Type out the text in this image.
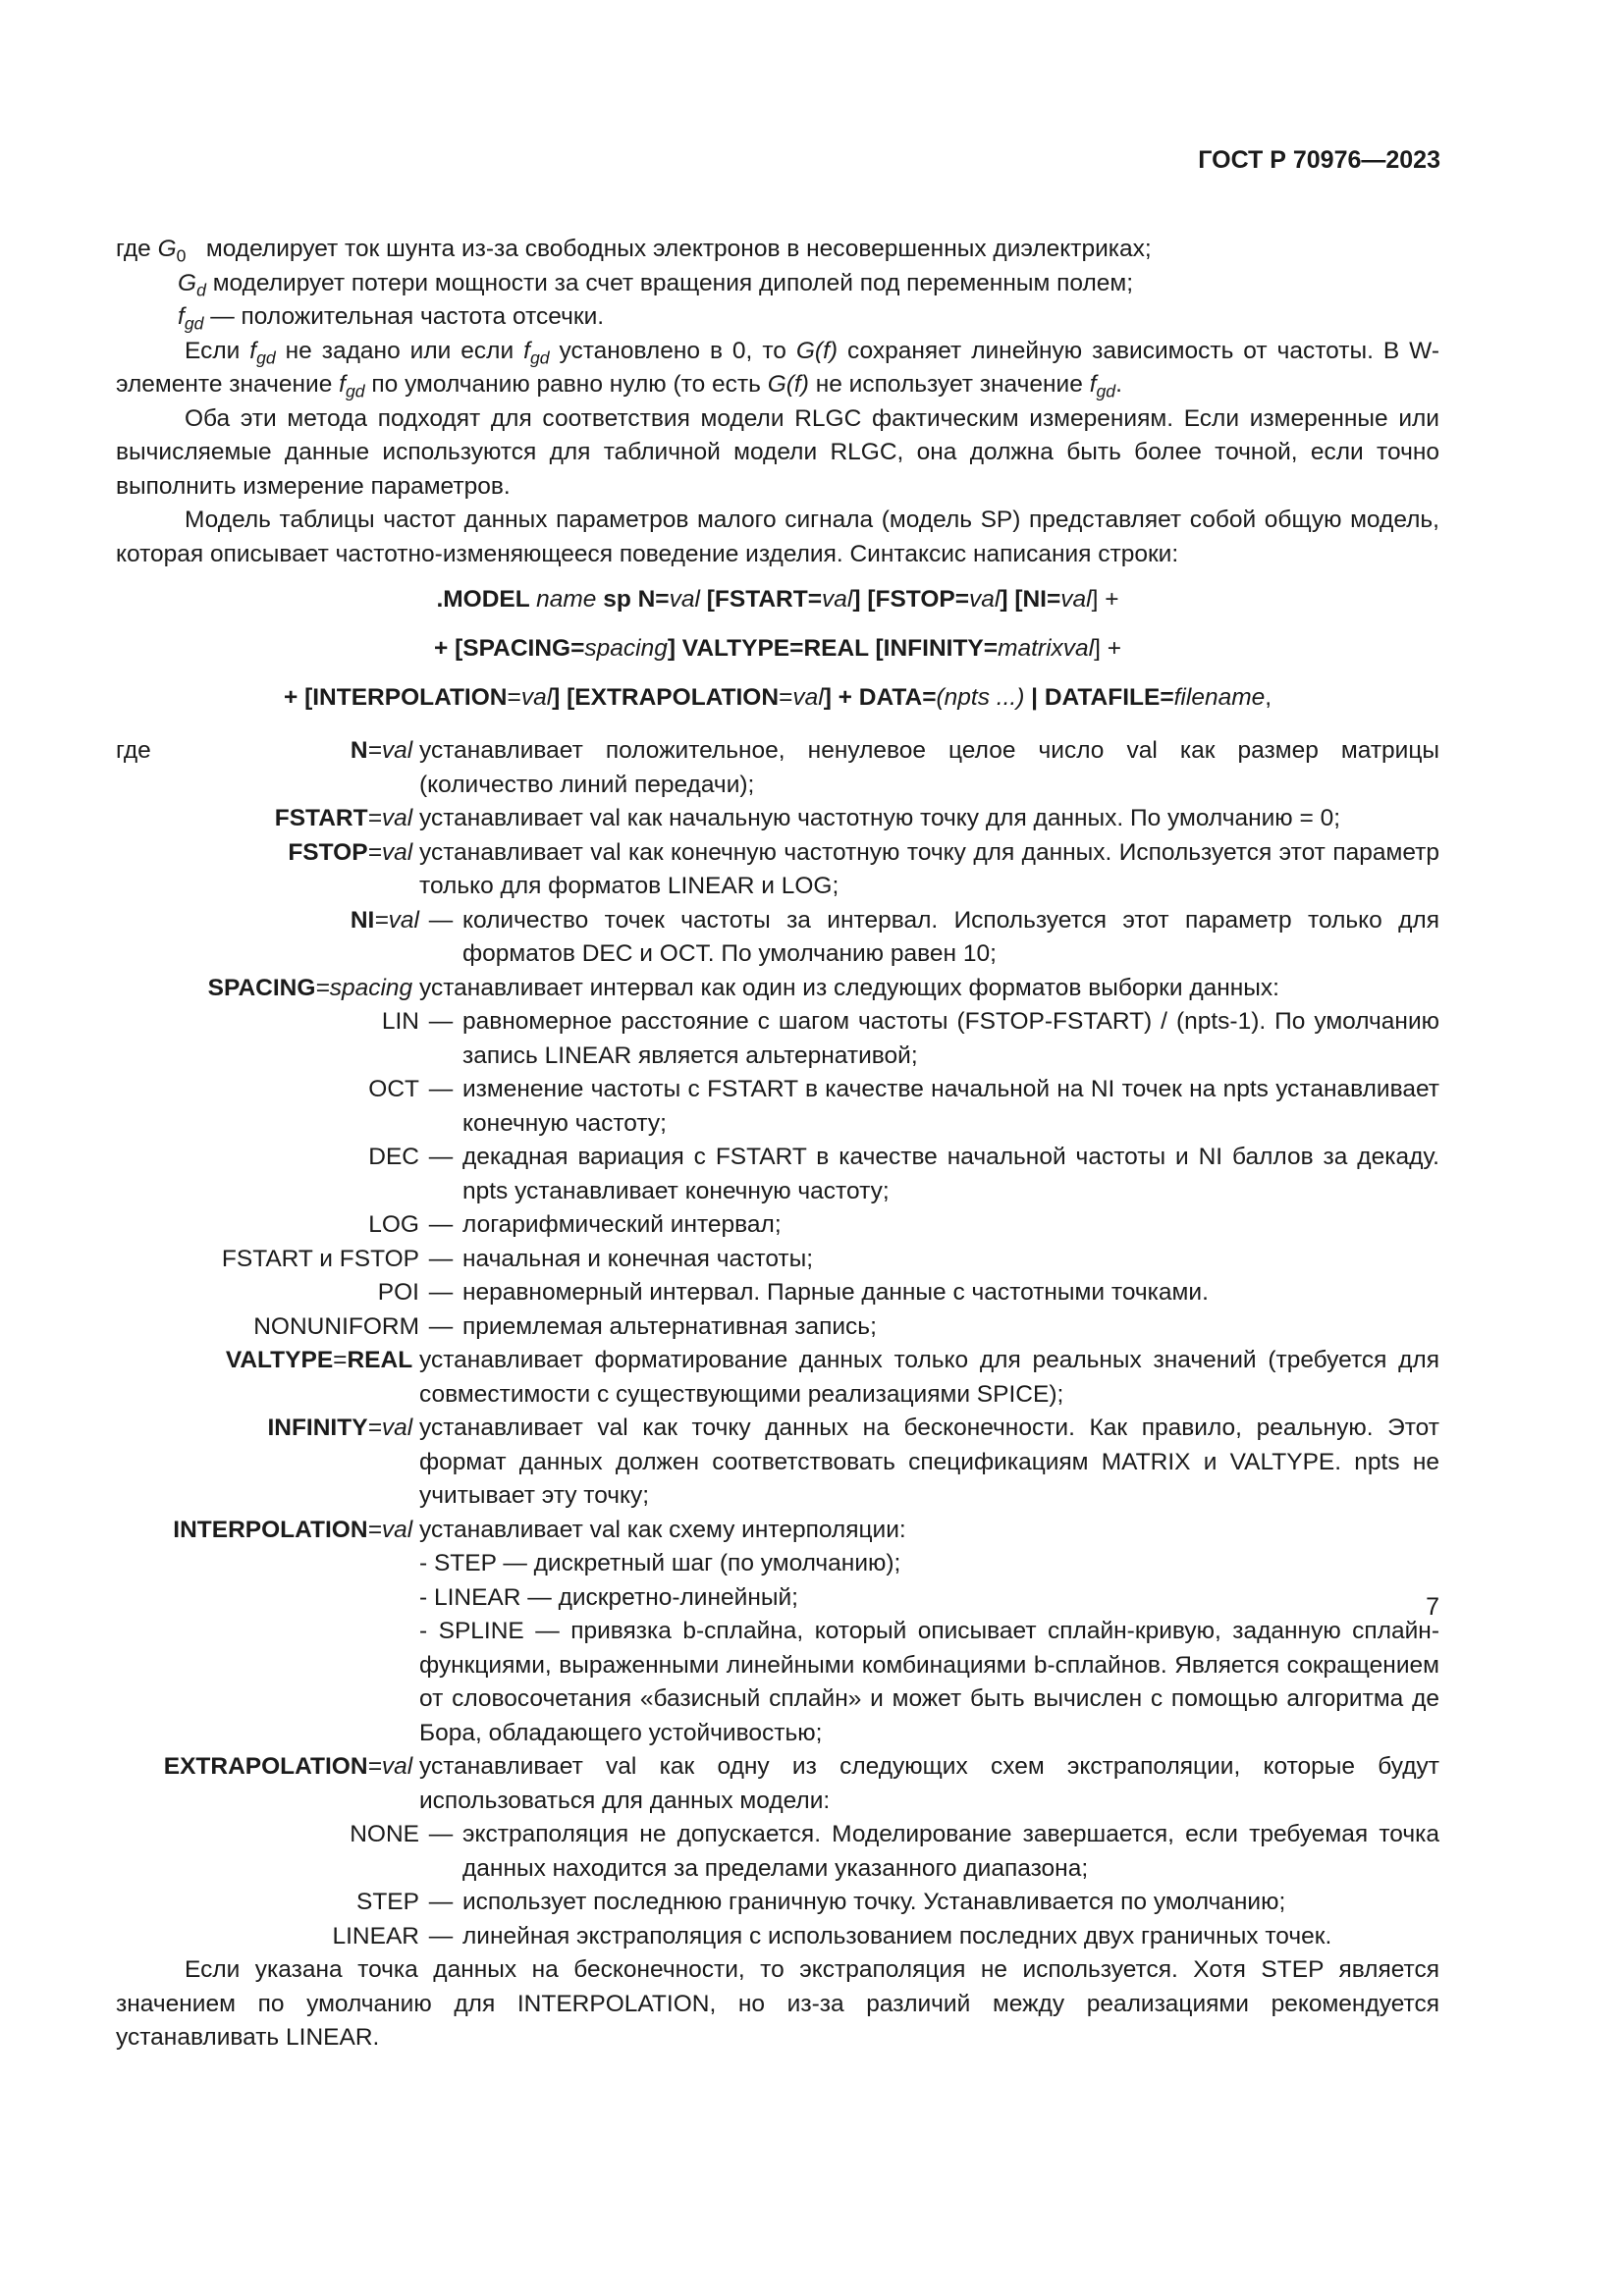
ГОСТ Р 70976—2023
где $G_0$ моделирует ток шунта из-за свободных электронов в несовершенных диэлектриках;
$G_d$ моделирует потери мощности за счет вращения диполей под переменным полем;
$f_{gd}$ — положительная частота отсечки.

Если $f_{gd}$ не задано или если $f_{gd}$ установлено в 0, то G(f) сохраняет линейную зависимость от частоты. В W-элементе значение $f_{gd}$ по умолчанию равно нулю (то есть G(f) не использует значение $f_{gd}$.

Оба эти метода подходят для соответствия модели RLGC фактическим измерениям. Если измеренные или вычисляемые данные используются для табличной модели RLGC, она должна быть более точной, если точно выполнить измерение параметров.

Модель таблицы частот данных параметров малого сигнала (модель SP) представляет собой общую модель, которая описывает частотно-изменяющееся поведение изделия. Синтаксис написания строки:

.MODEL name sp N=val [FSTART=val] [FSTOP=val] [NI=val] +

+ [SPACING=spacing] VALTYPE=REAL [INFINITY=matrixval] +

+ [INTERPOLATION=val] [EXTRAPOLATION=val] + DATA=(npts ...) | DATAFILE=filename,

где	N=val устанавливает положительное, ненулевое целое число val как размер матрицы (количество линий передачи);
FSTART=val устанавливает val как начальную частотную точку для данных. По умолчанию = 0;
FSTOP=val устанавливает val как конечную частотную точку для данных. Используется этот параметр только для форматов LINEAR и LOG;
NI=val — количество точек частоты за интервал. Используется этот параметр только для форматов DEC и OCT. По умолчанию равен 10;
SPACING=spacing устанавливает интервал как один из следующих форматов выборки данных:
LIN — равномерное расстояние с шагом частоты (FSTOP-FSTART) / (npts-1). По умолчанию запись LINEAR является альтернативой;
OCT — изменение частоты с FSTART в качестве начальной на NI точек на npts устанавливает конечную частоту;
DEC — декадная вариация с FSTART в качестве начальной частоты и NI баллов за декаду. npts устанавливает конечную частоту;
LOG — логарифмический интервал;
FSTART и FSTOP — начальная и конечная частоты;
POI — неравномерный интервал. Парные данные с частотными точками.
NONUNIFORM — приемлемая альтернативная запись;
VALTYPE=REAL устанавливает форматирование данных только для реальных значений (требуется для совместимости с существующими реализациями SPICE);
INFINITY=val устанавливает val как точку данных на бесконечности. Как правило, реальную. Этот формат данных должен соответствовать спецификациям MATRIX и VALTYPE. npts не учитывает эту точку;
INTERPOLATION=val устанавливает val как схему интерполяции:
- STEP — дискретный шаг (по умолчанию);
- LINEAR — дискретно-линейный;
- SPLINE — привязка b-сплайна, который описывает сплайн-кривую, заданную сплайн-функциями, выраженными линейными комбинациями b-сплайнов. Является сокращением от словосочетания «базисный сплайн» и может быть вычислен с помощью алгоритма де Бора, обладающего устойчивостью;
EXTRAPOLATION=val устанавливает val как одну из следующих схем экстраполяции, которые будут использоваться для данных модели:
NONE — экстраполяция не допускается. Моделирование завершается, если требуемая точка данных находится за пределами указанного диапазона;
STEP — использует последнюю граничную точку. Устанавливается по умолчанию;
LINEAR — линейная экстраполяция с использованием последних двух граничных точек.

Если указана точка данных на бесконечности, то экстраполяция не используется. Хотя STEP является значением по умолчанию для INTERPOLATION, но из-за различий между реализациями рекомендуется устанавливать LINEAR.

7
